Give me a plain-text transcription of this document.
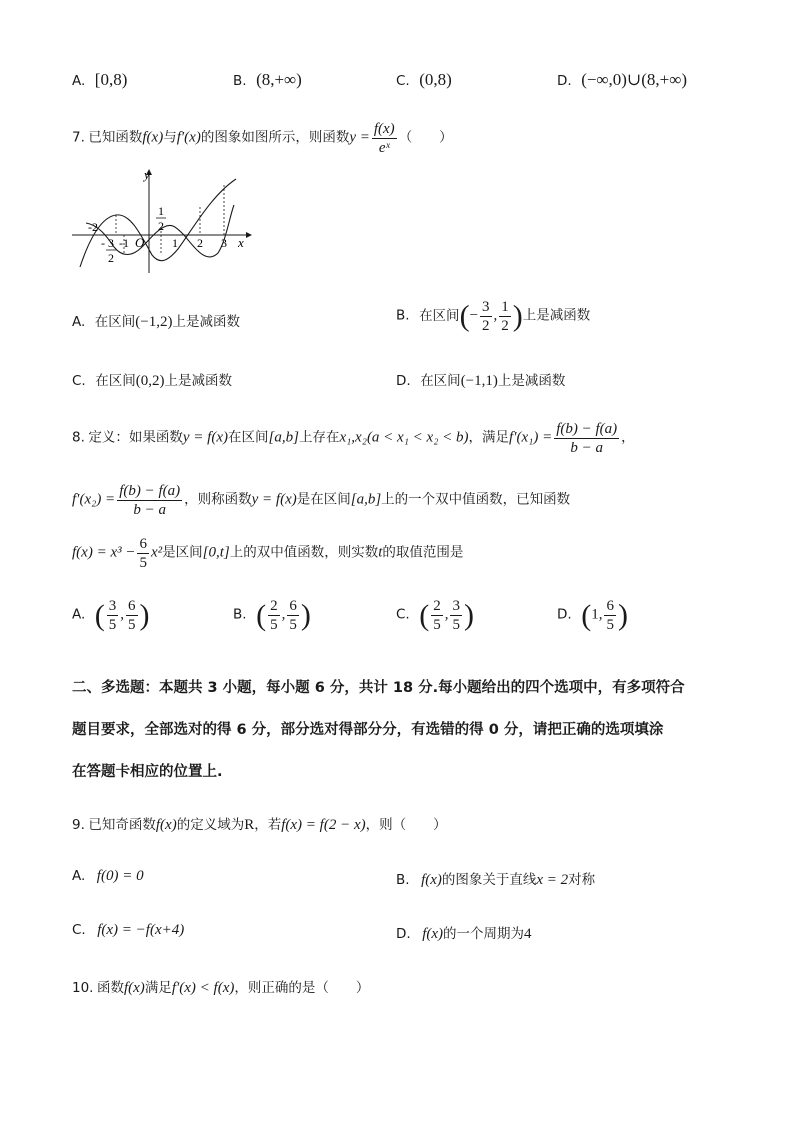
A. [0,8)	B. (8,+∞)	C. (0,8)	D. (−∞,0)∪(8,+∞)
7. 已知函数f(x)与f′(x)的图象如图所示，则函数$y = \frac{f(x)}{\text{eˣ}}$ （　　）
y
x
O
-2
-1	1 2 3
1
2
- 3
2
A. 在区间(−1,2)上是减函数	B. 在区间(− $\frac{3}{2}$ , $\frac{1}{2}$ )上是减函数
C. 在区间(0,2)上是减函数	D. 在区间(−1,1)上是减函数
8. 定义：如果函数y = f(x)在区间[a,b]上存在x₁,x₂(a < x₁ < x₂ < b)，满足$f'(x_1) = \frac{f(b) - f(a)}{b - a}$ ，
$f'(x_2) = \frac{f(b) - f(a)}{b - a}$ ，则称函数y = f(x)是在区间[a,b]上的一个双中值函数，已知函数
$f(x) = x^3 - \frac{6}{5} x^2$是区间[0,t]上的双中值函数，则实数t的取值范围是
A. ( $\frac{3}{5}$ , $\frac{6}{5}$ )	B. ( $\frac{2}{5}$ , $\frac{6}{5}$ )	C. ( $\frac{2}{5}$ , $\frac{3}{5}$ )	D. (1, $\frac{6}{5}$ )
二、多选题：本题共 3 小题，每小题 6 分，共计 18 分.每小题给出的四个选项中，有多项符合
题目要求，全部选对的得 6 分，部分选对得部分分，有选错的得 0 分，请把正确的选项填涂
在答题卡相应的位置上.
9. 已知奇函数f(x)的定义域为R，若f(x) = f(2 − x)，则（　　）
A. f(0) = 0	B. f(x)的图象关于直线x = 2对称
C. f(x) = −f(x+4)	D. f(x)的一个周期为4
10. 函数f(x)满足f′(x) < f(x)，则正确的是（　　）
